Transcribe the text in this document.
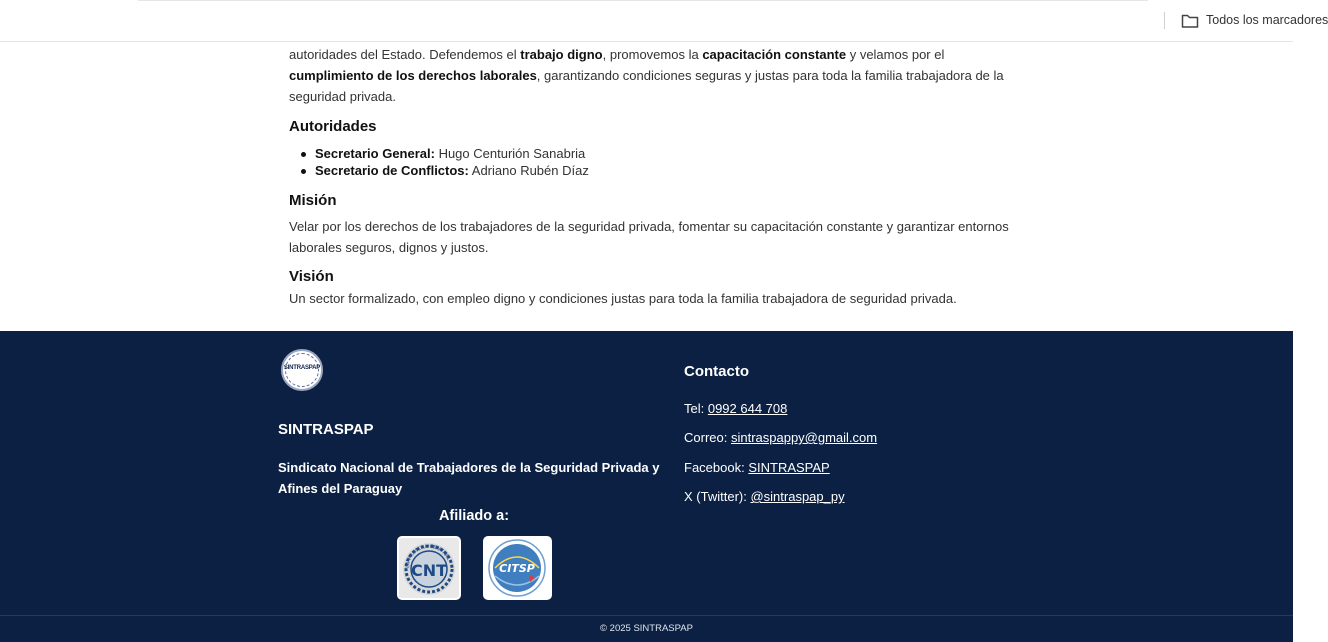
Todos los marcadores

autoridades del Estado. Defendemos el trabajo digno, promovemos la capacitación constante y velamos por el cumplimiento de los derechos laborales, garantizando condiciones seguras y justas para toda la familia trabajadora de la seguridad privada.

Autoridades
Secretario General: Hugo Centurión Sanabria
Secretario de Conflictos: Adriano Rubén Díaz
Misión

Velar por los derechos de los trabajadores de la seguridad privada, fomentar su capacitación constante y garantizar entornos laborales seguros, dignos y justos.

Visión

Un sector formalizado, con empleo digno y condiciones justas para toda la familia trabajadora de seguridad privada.

SINTRASPAP
SINTRASPAP
Sindicato Nacional de Trabajadores de la Seguridad Privada y Afines del Paraguay
Afiliado a:
LA PRIMERA CENTRAL
CNT	CITSP
Contacto
Tel: 0992 644 708
Correo: sintraspappy@gmail.com
Facebook: SINTRASPAP
X (Twitter): @sintraspap_py
© 2025 SINTRASPAP
